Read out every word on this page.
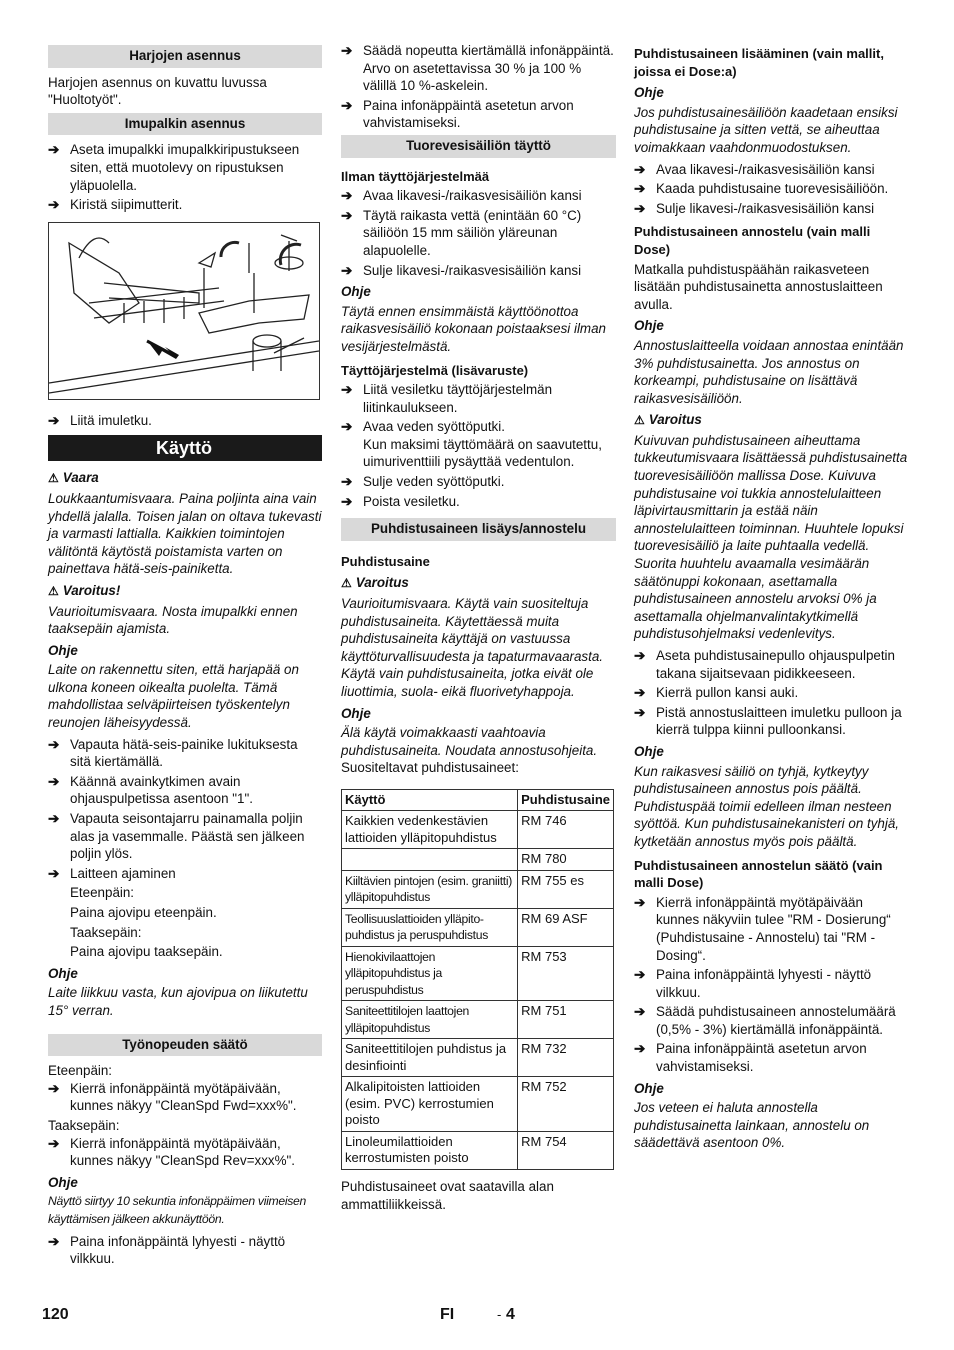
Harjojen asennus

Harjojen asennus on kuvattu luvussa "Huoltotyöt".

Imupalkin asennus
➔ Aseta imupalkki imupalkkiripustukseen siten, että muotolevy on ripustuksen yläpuolella.
➔ Kiristä siipimutterit.
➔ Liitä imuletku.
Käyttö
⚠ Vaara

Loukkaantumisvaara. Paina poljinta aina vain yhdellä jalalla. Toisen jalan on oltava tukevasti ja varmasti lattialla. Kaikkien toimintojen välitöntä käytöstä poistamista varten on painettava hätä-seis-painiketta.

⚠ Varoitus!

Vaurioitumisvaara. Nosta imupalkki ennen taaksepäin ajamista.

Ohje

Laite on rakennettu siten, että harjapää on ulkona koneen oikealta puolelta. Tämä mahdollistaa selväpiirteisen työskentelyn reunojen läheisyydessä.

➔ Vapauta hätä-seis-painike lukituksesta sitä kiertämällä.
➔ Käännä avainkytkimen avain ohjauspulpetissa asentoon "1".
➔ Vapauta seisontajarru painamalla poljin alas ja vasemmalle. Päästä sen jälkeen poljin ylös.
➔ Laitteen ajaminen
Eteenpäin:
Paina ajovipu eteenpäin.
Taaksepäin:
Paina ajovipu taaksepäin.
Ohje

Laite liikkuu vasta, kun ajovipua on liikutettu 15° verran.

Työnopeuden säätö

Eteenpäin:

➔ Kierrä infonäppäintä myötäpäivään, kunnes näkyy "CleanSpd Fwd=xxx%".

Taaksepäin:

➔ Kierrä infonäppäintä myötäpäivään, kunnes näkyy "CleanSpd Rev=xxx%".
Ohje

Näyttö siirtyy 10 sekuntia infonäppäimen viimeisen käyttämisen jälkeen akkunäyttöön.

➔ Paina infonäppäintä lyhyesti - näyttö vilkkuu.
➔ Säädä nopeutta kiertämällä infonäppäintä. Arvo on asetettavissa 30 % ja 100 % välillä 10 %-askelein.
➔ Paina infonäppäintä asetetun arvon vahvistamiseksi.
Tuorevesisäiliön täyttö
Ilman täyttöjärjestelmää
➔ Avaa likavesi-/raikasvesisäiliön kansi
➔ Täytä raikasta vettä (enintään 60 °C) säiliöön 15 mm säiliön yläreunan alapuolelle.
➔ Sulje likavesi-/raikasvesisäiliön kansi
Ohje

Täytä ennen ensimmäistä käyttöönottoa raikasvesisäiliö kokonaan poistaaksesi ilman vesijärjestelmästä.

Täyttöjärjestelmä (lisävaruste)
➔ Liitä vesiletku täyttöjärjestelmän liitinkaulukseen.
➔ Avaa veden syöttöputki.
Kun maksimi täyttömäärä on saavutettu, uimuriventtiili pysäyttää vedentulon.
➔ Sulje veden syöttöputki.
➔ Poista vesiletku.
Puhdistusaineen lisäys/annostelu
Puhdistusaine
⚠ Varoitus

Vaurioitumisvaara. Käytä vain suositeltuja puhdistusaineita. Käytettäessä muita puhdistusaineita käyttäjä on vastuussa käyttöturvallisuudesta ja tapaturmavaarasta. Käytä vain puhdistusaineita, jotka eivät ole liuottimia, suola- eikä fluorivetyhappoja.

Ohje

Älä käytä voimakkaasti vaahtoavia puhdistusaineita. Noudata annostusohjeita.

Suositeltavat puhdistusaineet:

Käyttö	Puhdistusaine
Kaikkien vedenkestävien lattioiden ylläpitopuhdistus	RM 746
	RM 780
Kiiltävien pintojen (esim. graniitti) ylläpitopuhdistus	RM 755 es
Teollisuuslattioiden ylläpito- puhdistus ja peruspuhdistus	RM 69 ASF
Hienokivilaattojen ylläpitopuhdistus ja peruspuhdistus	RM 753
Saniteettitilojen laattojen ylläpitopuhdistus	RM 751
Saniteettitilojen puhdistus ja desinfiointi	RM 732
Alkalipitoisten lattioiden (esim. PVC) kerrostumien poisto	RM 752
Linoleumilattioiden kerrostumisten poisto	RM 754

Puhdistusaineet ovat saatavilla alan ammattiliikkeissä.

Puhdistusaineen lisääminen (vain mallit, joissa ei Dose:a)
Ohje

Jos puhdistusainesäiliöön kaadetaan ensiksi puhdistusaine ja sitten vettä, se aiheuttaa voimakkaan vaahdonmuodostuksen.

➔ Avaa likavesi-/raikasvesisäiliön kansi
➔ Kaada puhdistusaine tuorevesisäiliöön.
➔ Sulje likavesi-/raikasvesisäiliön kansi
Puhdistusaineen annostelu (vain malli Dose)

Matkalla puhdistuspäähän raikasveteen lisätään puhdistusainetta annostuslaitteen avulla.

Ohje

Annostuslaitteella voidaan annostaa enintään 3% puhdistusainetta. Jos annostus on korkeampi, puhdistusaine on lisättävä raikasvesisäiliöön.

⚠ Varoitus

Kuivuvan puhdistusaineen aiheuttama tukkeutumisvaara lisättäessä puhdistusainetta tuorevesisäiliöön mallissa Dose. Kuivuva puhdistusaine voi tukkia annostelulaitteen läpivirtausmittarin ja estää näin annostelulaitteen toiminnan. Huuhtele lopuksi tuorevesisäiliö ja laite puhtaalla vedellä. Suorita huuhtelu avaamalla vesimäärän säätönuppi kokonaan, asettamalla puhdistusaineen annostelu arvoksi 0% ja asettamalla ohjelmanvalintakytkimellä puhdistusohjelmaksi vedenlevitys.

➔ Aseta puhdistusainepullo ohjauspulpetin takana sijaitsevaan pidikkeeseen.
➔ Kierrä pullon kansi auki.
➔ Pistä annostuslaitteen imuletku pulloon ja kierrä tulppa kiinni pulloonkansi.
Ohje

Kun raikasvesi säiliö on tyhjä, kytkeytyy puhdistusaineen annostus pois päältä. Puhdistuspää toimii edelleen ilman nesteen syöttöä. Kun puhdistusainekanisteri on tyhjä, kytketään annostus myös pois päältä.

Puhdistusaineen annostelun säätö (vain malli Dose)
➔ Kierrä infonäppäintä myötäpäivään kunnes näkyviin tulee "RM - Dosierung“ (Puhdistusaine - Annostelu) tai "RM - Dosing“.
➔ Paina infonäppäintä lyhyesti - näyttö vilkkuu.
➔ Säädä puhdistusaineen annostelumäärä (0,5% - 3%) kiertämällä infonäppäintä.
➔ Paina infonäppäintä asetetun arvon vahvistamiseksi.
Ohje

Jos veteen ei haluta annostella puhdistusainetta lainkaan, annostelu on säädettävä asentoon 0%.

120	FI	- 4
